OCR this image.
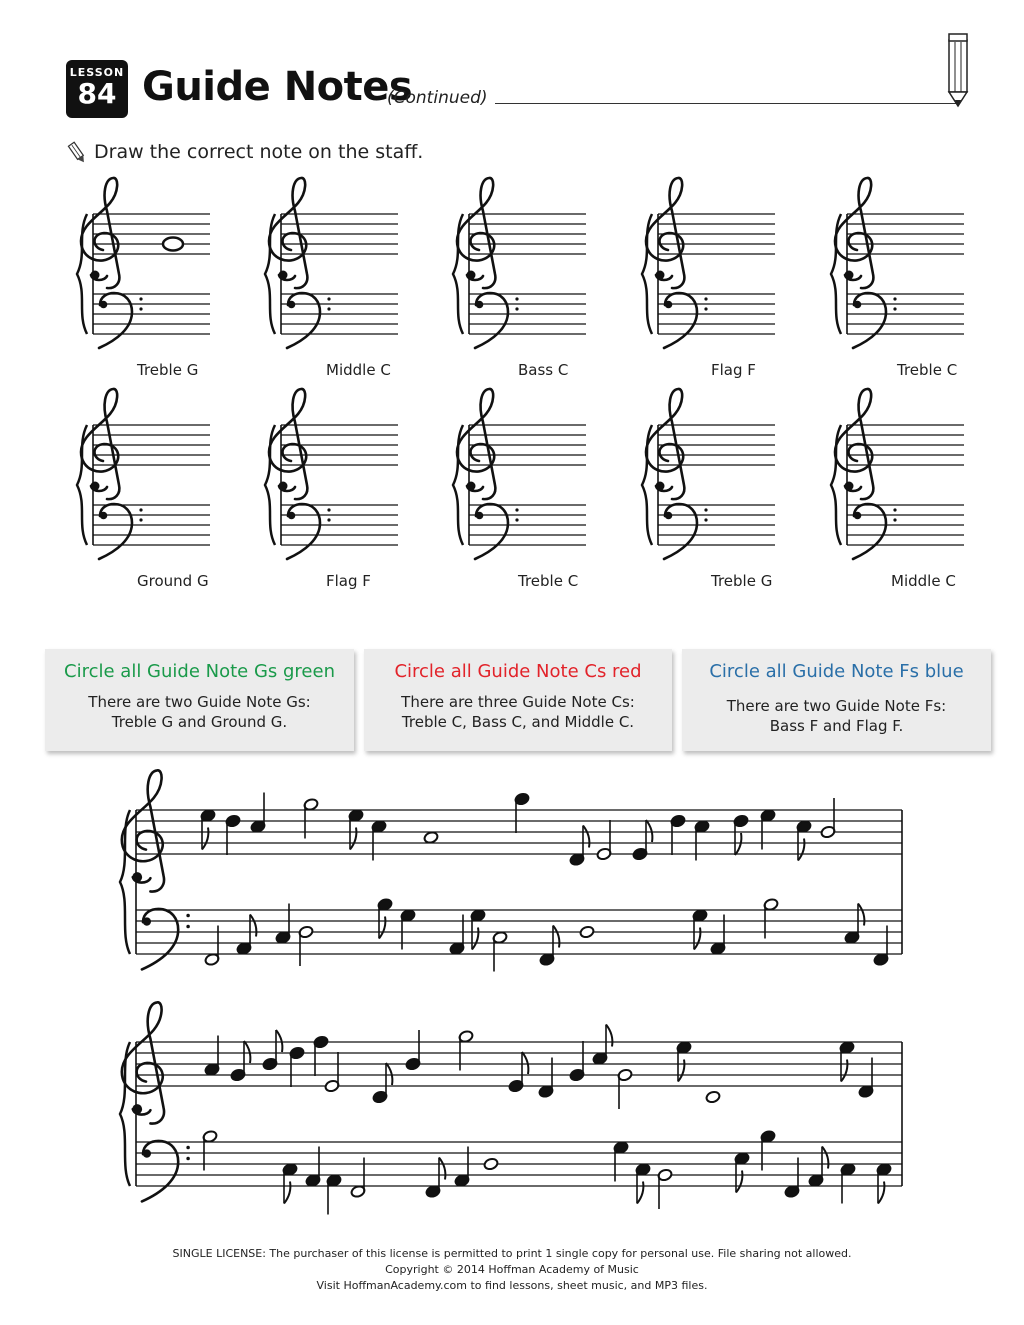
LESSON
84 Guide Notes
(Continued)
Draw the correct note on the staff.
Treble G	Middle C	Bass C	Flag F	Treble C
Ground G	Flag F	Treble C	Treble G	Middle C
Circle all Guide Note Gs green
There are two Guide Note Gs:
Treble G and Ground G.
Circle all Guide Note Cs red
There are three Guide Note Cs:
Treble C, Bass C, and Middle C.
Circle all Guide Note Fs blue
There are two Guide Note Fs:
Bass F and Flag F.
SINGLE LICENSE: The purchaser of this license is permitted to print 1 single copy for personal use. File sharing not allowed.
Copyright © 2014 Hoffman Academy of Music
Visit HoffmanAcademy.com to find lessons, sheet music, and MP3 files.
